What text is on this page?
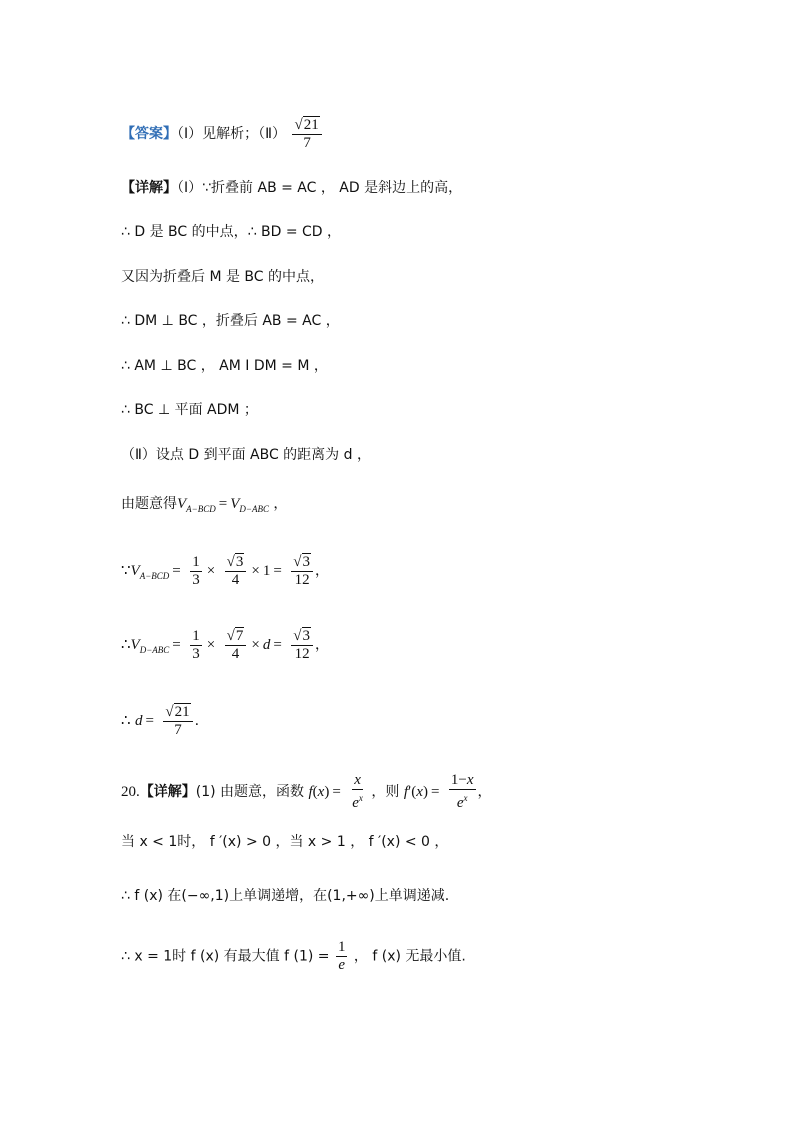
【答案】（Ⅰ）见解析；（Ⅱ） $\frac{√ 21}{7}$
【详解】（Ⅰ）∵折叠前 AB = AC ， AD 是斜边上的高，
∴ D 是 BC 的中点，∴ BD = CD ，
又因为折叠后 M 是 BC 的中点，
∴ DM ⊥ BC ，折叠后 AB = AC ，
∴ AM ⊥ BC ， AM Ⅰ DM = M ，
∴ BC ⊥ 平面 ADM ；
（Ⅱ）设点 D 到平面 ABC 的距离为 d ，
由题意得$V_{A-BCD} = V_{D-ABC}$ ，
$\because V_{A-BCD} = \frac{1}{3} \times \frac{√ 3}{4} \times 1 = \frac{√ 3}{12}$ ，
$\therefore V_{D-ABC} = \frac{1}{3} \times \frac{√ 7}{4} \times d = \frac{√ 3}{12}$ ，
∴ $d = \frac{√ 21}{7}$ .
20.【详解】(1) 由题意，函数 $f(x) = \frac{x}{e^x}$ ，则 $f'(x) = \frac{1-x}{e^x}$ ，
当 x < 1时， f ′(x) > 0 ，当 x > 1 ， f ′(x) < 0 ，
∴ f (x) 在(−∞,1)上单调递增，在(1,+∞)上单调递减.
∴ x = 1时 f (x) 有最大值 f $(1) = \frac{1}{e}$ ， f (x) 无最小值.
